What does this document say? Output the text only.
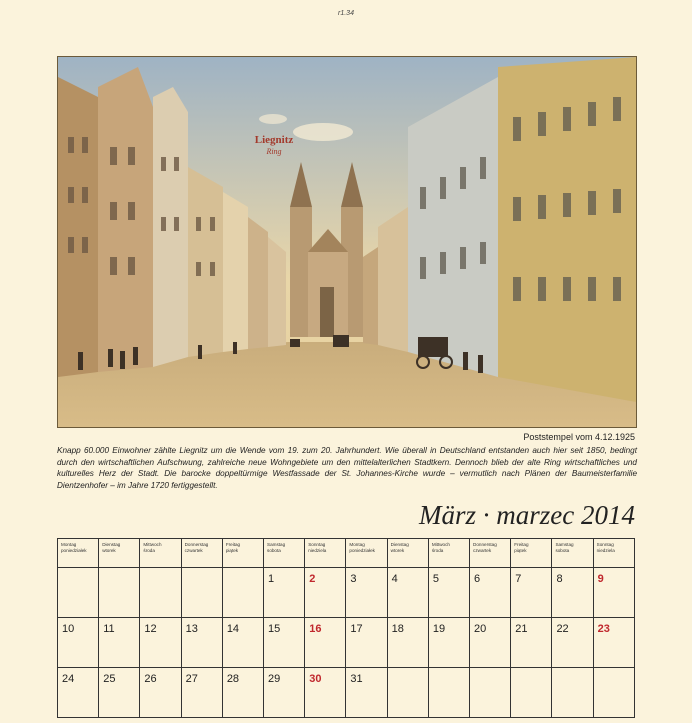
r1.34
Liegnitz
Ring
Poststempel vom 4.12.1925
Knapp 60.000 Einwohner zählte Liegnitz um die Wende vom 19. zum 20. Jahrhundert. Wie überall in Deutschland entstanden auch hier seit 1850, bedingt durch den wirtschaftlichen Aufschwung, zahlreiche neue Wohngebiete um den mittelalterlichen Stadtkern. Dennoch blieb der alte Ring wirtschaftliches und kulturelles Herz der Stadt. Die barocke doppeltürmige Westfassade der St. Johannes-Kirche wurde – vermutlich nach Plänen der Baumeisterfamilie Dientzenhofer – im Jahre 1720 fertiggestellt.
März · marzec 2014
Montag
poniedziałek	Dienstag
wtorek	Mittwoch
środa	Donnerstag
czwartek	Freitag
piątek	Samstag
sobota	Sonntag
niedziela	Montag
poniedziałek	Dienstag
wtorek	Mittwoch
środa	Donnerstag
czwartek	Freitag
piątek	Samstag
sobota	Sonntag
niedziela

					1	2	3	4	5	6	7	8	9
10	11	12	13	14	15	16	17	18	19	20	21	22	23
24	25	26	27	28	29	30	31						
